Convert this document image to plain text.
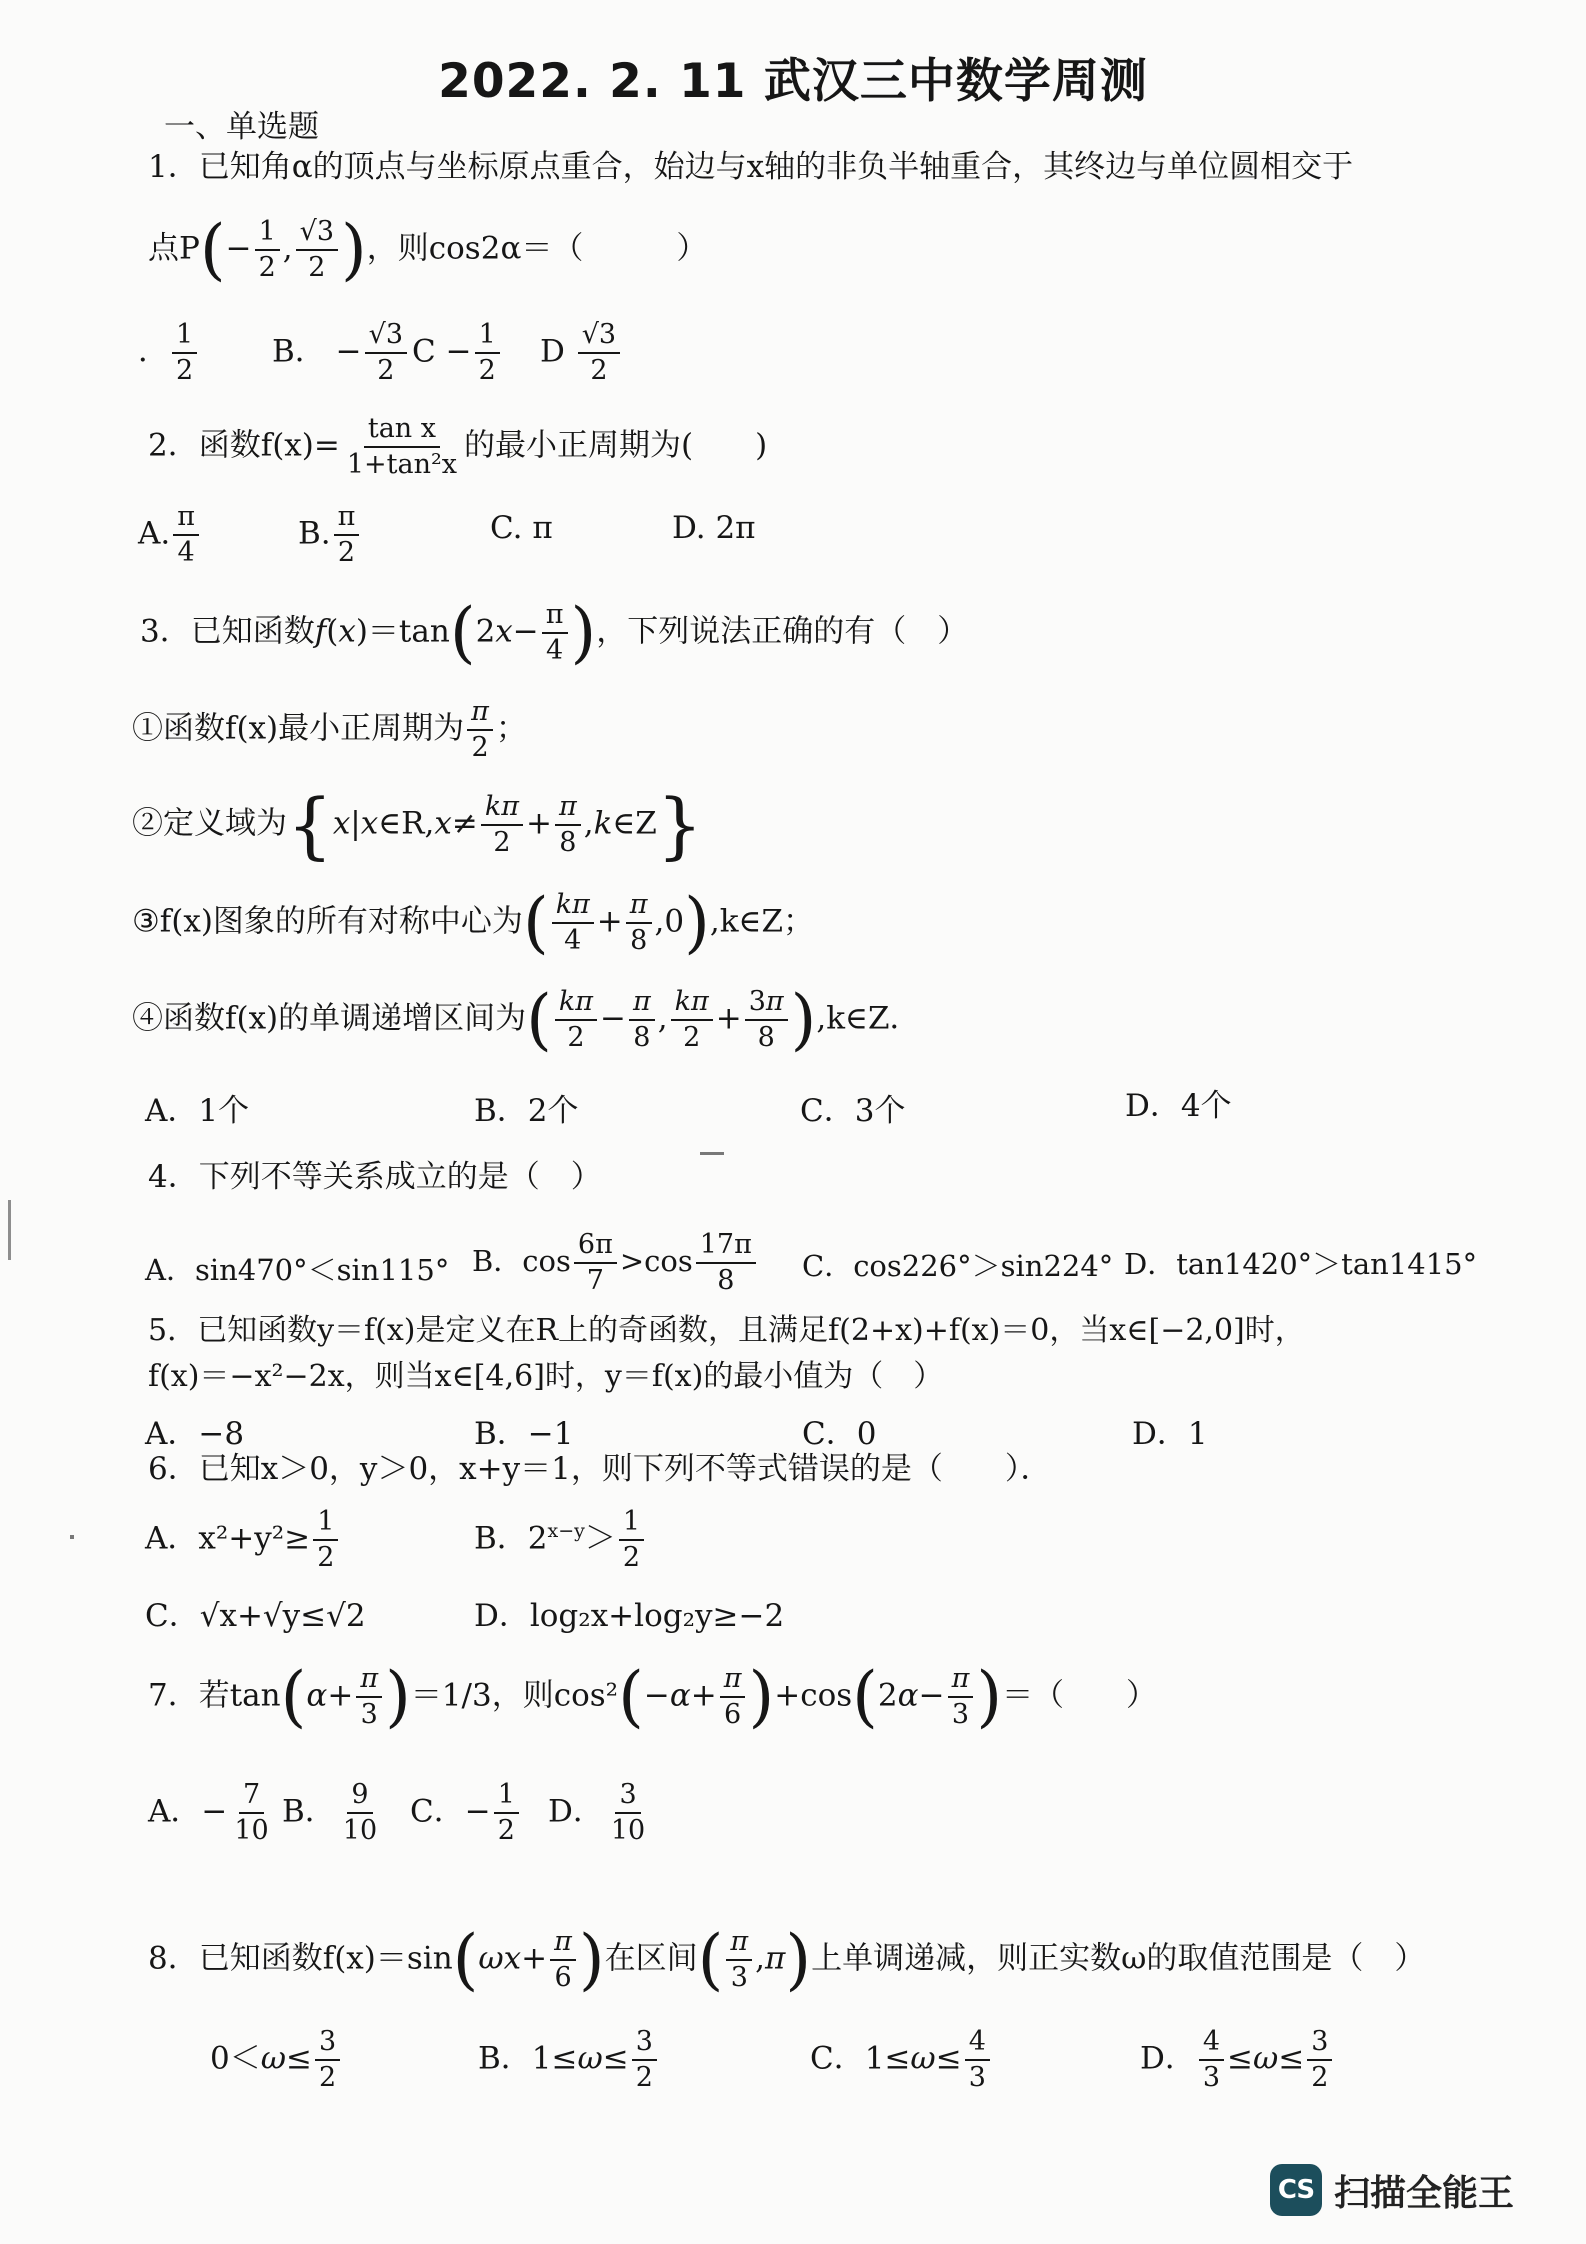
2022. 2. 11 武汉三中数学周测
一、单选题
1．已知角α的顶点与坐标原点重合，始边与x轴的非负半轴重合，其终边与单位圆相交于
点$P(- \frac{1}{2}$ , $\frac{√3}{2}$ )，则cos2α＝（　　　）
． $\frac{1}{2}$ B． − $\frac{√3}{2}$ $C - \frac{1}{2}$ D $\frac{√3}{2}$
2．函数$f(x)= \frac{\text{tan x}}{\text{1+tan²x}}$ 的最小正周期为(　　)
A. $\frac{\pi}{4}$	B. $\frac{\pi}{2}$	C. π	D. 2π
3．已知函数$f(x)=\tan(2x- \frac{\pi}{4}$ )，下列说法正确的有（　）
①函数f(x)最小正周期为 $\frac{\pi}{2}$ ；
②定义域为{x|x∈R,x≠ $\frac{k\pi}{2} + \frac{\pi}{8}$ ,k∈Z}
③f(x)图象的所有对称中心为( $\frac{k\pi}{4} + \frac{\pi}{8}$ ,0),k∈Z；
④函数f(x)的单调递增区间为( $\frac{k\pi}{2} - \frac{\pi}{8}$ , $\frac{k\pi}{2} + \frac{3\pi}{8}$ ),k∈Z．
A．1个	B．2个	C．3个	D．4个
4．下列不等关系成立的是（　）
A．sin470°＜sin115° B．$\cos \frac{6\pi}{7} >\cos \frac{17\pi}{8}$ C．cos226°＞sin224° D．tan1420°＞tan1415°
5．已知函数y＝f(x)是定义在R上的奇函数，且满足f(2+x)+f(x)＝0，当x∈[−2,0]时，
f(x)＝−x²−2x，则当x∈[4,6]时，y＝f(x)的最小值为（　）
A．−8	B．−1	C．0	D．1
6．已知x＞0，y＞0，x+y＝1，则下列不等式错误的是（　　）．
A．$x^2+y^2\ge \frac{1}{2}$	B．$2^{x-y}> \frac{1}{2}$
C．√x+√y≤√2	D．log₂x+log₂y≥−2
7．若$\tan(\alpha+ \frac{\pi}{3} )=1/3$，则$\cos^2(-\alpha+ \frac{\pi}{6} )+\cos(2\alpha- \frac{\pi}{3}$ )＝（　　）
A．− $\frac{7}{10}$ B． $\frac{9}{10}$ C．− $\frac{1}{2}$ D． $\frac{3}{10}$
8．已知函数$f(x)=\sin(\omega x+ \frac{\pi}{6}$ )在区间( $\frac{\pi}{3} ,\pi$)上单调递减，则正实数ω的取值范围是（　）
$0<\omega\le \frac{3}{2}$	B．$1\le\omega\le \frac{3}{2}$	C．$1\le\omega\le \frac{4}{3}$	D． $\frac{4}{3} \le\omega\le \frac{3}{2}$
CS 扫描全能王
